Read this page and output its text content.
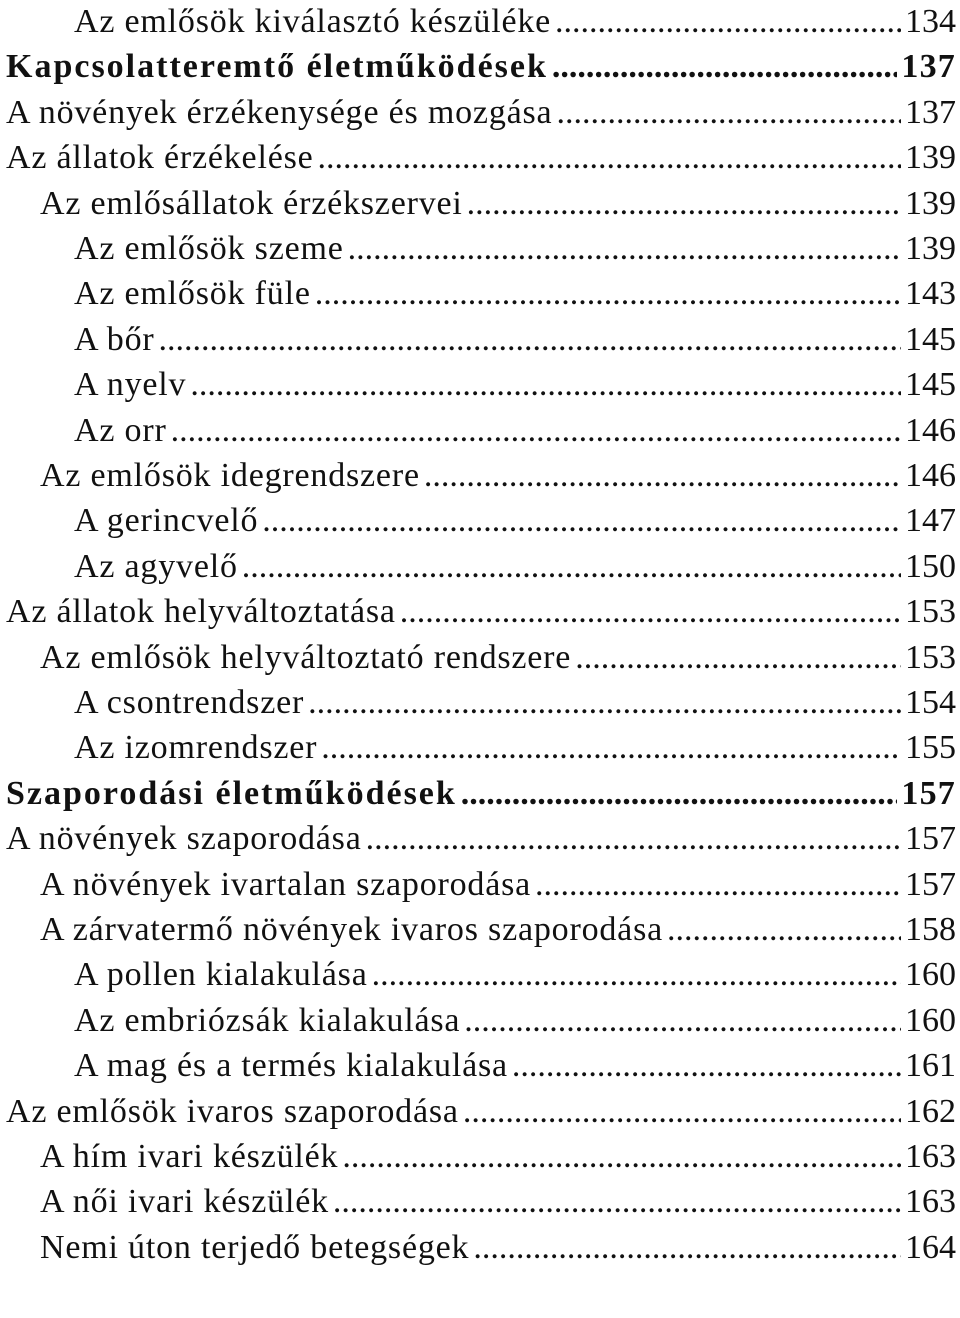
Az emlősök kiválasztó készüléke .....	134
Kapcsolatteremtő életműködések .....	137
A növények érzékenysége és mozgása .....	137
Az állatok érzékelése .....	139
Az emlősállatok érzékszervei .....	139
Az emlősök szeme .....	139
Az emlősök füle .....	143
A bőr .....	145
A nyelv .....	145
Az orr .....	146
Az emlősök idegrendszere .....	146
A gerincvelő .....	147
Az agyvelő .....	150
Az állatok helyváltoztatása .....	153
Az emlősök helyváltoztató rendszere .....	153
A csontrendszer .....	154
Az izomrendszer .....	155
Szaporodási életműködések .....	157
A növények szaporodása .....	157
A növények ivartalan szaporodása .....	157
A zárvatermő növények ivaros szaporodása .....	158
A pollen kialakulása .....	160
Az embriózsák kialakulása .....	160
A mag és a termés kialakulása .....	161
Az emlősök ivaros szaporodása .....	162
A hím ivari készülék .....	163
A női ivari készülék .....	163
Nemi úton terjedő betegségek .....	164
